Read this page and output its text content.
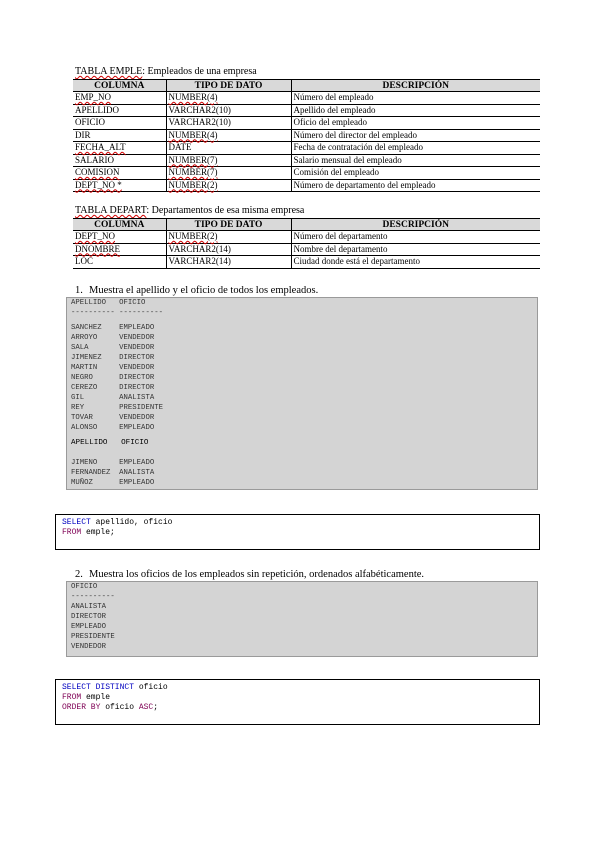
TABLA EMPLE: Empleados de una empresa
COLUMNA	TIPO DE DATO	DESCRIPCIÓN
EMP_NO	NUMBER(4)	Número del empleado
APELLIDO	VARCHAR2(10)	Apellido del empleado
OFICIO	VARCHAR2(10)	Oficio del empleado
DIR	NUMBER(4)	Número del director del empleado
FECHA_ALT	DATE	Fecha de contratación del empleado
SALARIO	NUMBER(7)	Salario mensual del empleado
COMISION	NUMBER(7)	Comisión del empleado
DEPT_NO *	NUMBER(2)	Número de departamento del empleado
TABLA DEPART: Departamentos de esa misma empresa
COLUMNA	TIPO DE DATO	DESCRIPCIÓN
DEPT_NO	NUMBER(2)	Número del departamento
DNOMBRE	VARCHAR2(14)	Nombre del departamento
LOC	VARCHAR2(14)	Ciudad donde está el departamento
1. Muestra el apellido y el oficio de todos los empleados.
APELLIDO   OFICIO
---------- ----------
SANCHEZ    EMPLEADO
ARROYO     VENDEDOR
SALA       VENDEDOR
JIMENEZ    DIRECTOR
MARTIN     VENDEDOR
NEGRO      DIRECTOR
CEREZO     DIRECTOR
GIL        ANALISTA
REY        PRESIDENTE
TOVAR      VENDEDOR
ALONSO     EMPLEADO
APELLIDO   OFICIO
JIMENO     EMPLEADO
FERNANDEZ  ANALISTA
MUÑOZ      EMPLEADO
SELECT apellido, oficio
FROM emple;
2. Muestra los oficios de los empleados sin repetición, ordenados alfabéticamente.
OFICIO
----------
ANALISTA
DIRECTOR
EMPLEADO
PRESIDENTE
VENDEDOR
SELECT DISTINCT oficio
FROM emple
ORDER BY oficio ASC;
